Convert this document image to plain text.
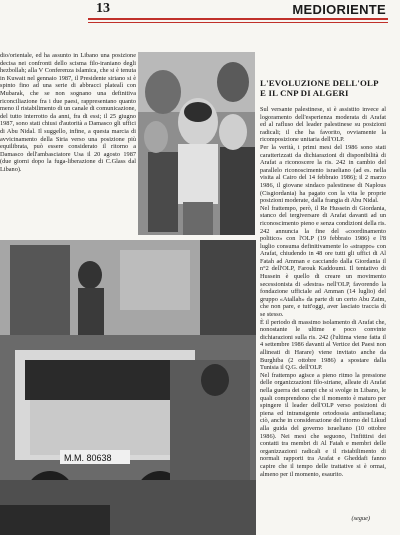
13	MEDIORIENTE

dio/orientale, ed ha assunto in Libano una posizione decisa nei confronti dello scisma filo-iraniano degli hezbollah; alla V Conferenza islamica, che si è tenuta in Kuwait nel gennaio 1987, il Presidente siriano si è spinto fino ad una serie di abbracci platealì con Mubarak, che se non sognano una definitiva riconciliazione fra i due paesi, rappresentano quanto meno il ristabilimento di un canale di comunicazione, del tutto interrotto da anni, fra di essi; il 25 giugno 1987, sono stati chiusi d'autorità a Damasco gli uffici di Abu Nidal. Il suggello, infine, a questa marcia di avvicinamento della Siria verso una posizione più equilibrata, può essere considerato il ritorno a Damasco dell'ambasciatore Usa il 20 agosto 1987 (due giorni dopo la fuga-liberazione di C.Glass dal Libano).

M.M. 80638
L'EVOLUZIONE DELL'OLP
E IL CNP DI ALGERI

Sul versante palestinese, si è assistito invece al logoramento dell'esperienza moderata di Arafat ed al rafluso del leader palestinese su posizioni radicali; il che ha favorito, ovviamente la ricomposizione unitaria dell'OLP.

Per la verità, i primi mesi del 1986 sono stati caratterizzati da dichiarazioni di disponibilità di Arafat a riconoscere la ris. 242 in cambio del parallelo riconoscimento israeliano (ad es. nella visita al Cairo del 14 febbraio 1986); il 2 marzo 1986, il giovane sindaco palestinese di Naplous (Cisgiordania) ha pagato con la vita le proprie posizioni moderate, dalla frangia di Abu Nidal.

Nel frattempo, però, il Re Hussein di Giordania, stanco del tergiversare di Arafat davanti ad un riconoscimento pieno e senza condizioni della ris. 242 annuncia la fine del «coordinamento politico» con l'OLP (19 febbraio 1986) e l'8 luglio consuma definitivamente lo «strappo» con Arafat, chiudendo in 48 ore tutti gli uffici di Al Fatah ad Amman e cacciando dalla Giordania il n°2 dell'OLP, Farouk Kaddoumi. Il tentativo di Hussein è quello di creare un movimento secessionista di «destra» nell'OLP, favorendo la fondazione ufficiale ad Amman (14 luglio) del gruppo «Atallah» da parte di un certo Abu Zaim, che non pare, e tutt'oggi, aver lasciato traccia di se stesso.

È il periodo di massimo isolamento di Arafat che, nonostante le ultime e poco convinte dichiarazioni sulla ris. 242 (l'ultima viene fatta il 4 settembre 1986 davanti al Vertice dei Paesi non allineati di Harare) viene invitato anche da Burghiba (2 ottobre 1986) a spostare dalla Tunisia il Q.G. dell'OLP.

Nel frattempo agisce a pieno ritmo la pressione delle organizzazioni filo-siriane, alleate di Arafat nella guerra dei campi che si svolge in Libano, le quali comprendono che il momento è maturo per spingere il leader dell'OLP verso posizioni di piena ed intransigente ortodossia antisraeliana; ciò, anche in considerazione del ritorno del Likud alla guida del governo israeliano (10 ottobre 1986). Nei mesi che seguono, l'infittirsi dei contatti tra membri di Al Fatah e membri delle organizzazioni radicali e il ristabilimento di normali rapporti tra Arafat e Gheddafi fanno capire che il tempo delle trattative si è ormai, almeno per il momento, esaurito.

(segue)
